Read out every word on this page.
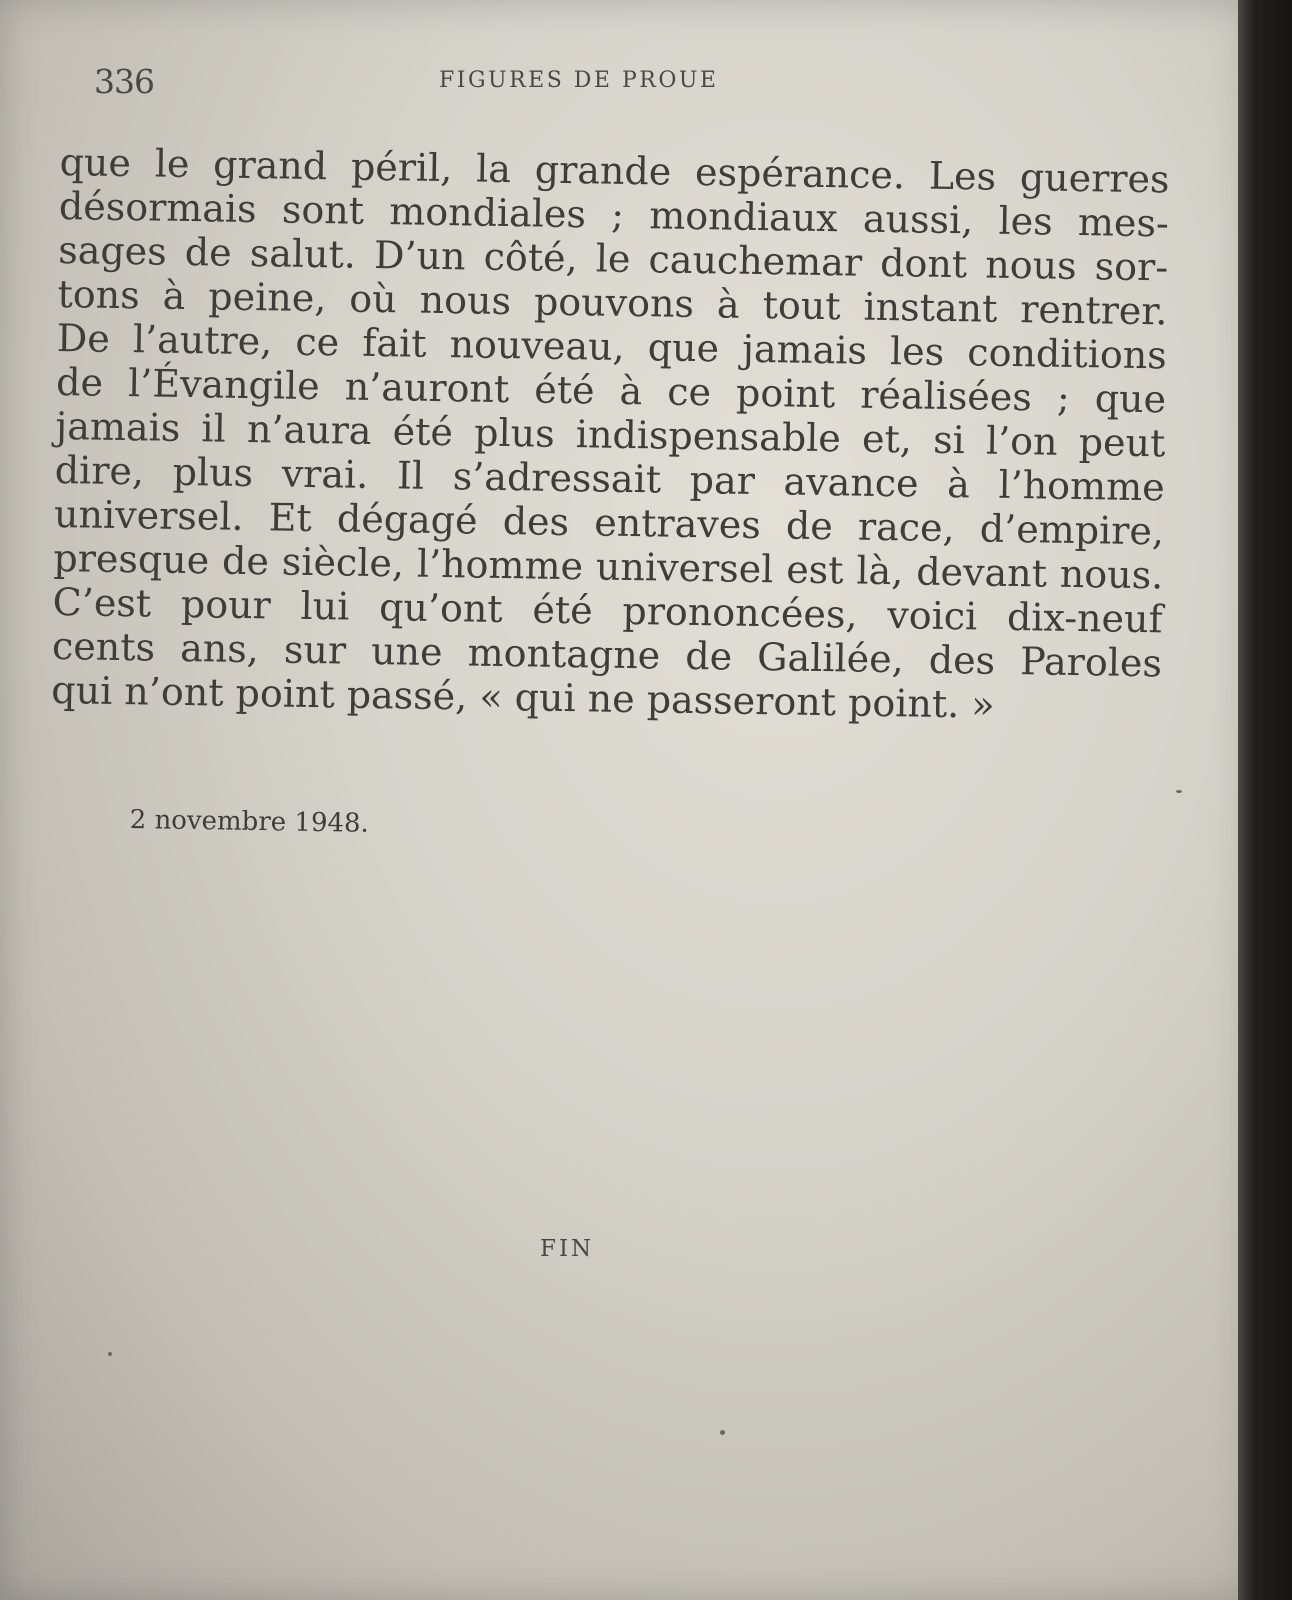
336	FIGURES DE PROUE
que le grand péril, la grande espérance. Les guerres
désormais sont mondiales ; mondiaux aussi, les mes-
sages de salut. D’un côté, le cauchemar dont nous sor-
tons à peine, où nous pouvons à tout instant rentrer.
De l’autre, ce fait nouveau, que jamais les conditions
de l’Évangile n’auront été à ce point réalisées ; que
jamais il n’aura été plus indispensable et, si l’on peut
dire, plus vrai. Il s’adressait par avance à l’homme
universel. Et dégagé des entraves de race, d’empire,
presque de siècle, l’homme universel est là, devant nous.
C’est pour lui qu’ont été prononcées, voici dix-neuf
cents ans, sur une montagne de Galilée, des Paroles
qui n’ont point passé, « qui ne passeront point. »
2 novembre 1948.
FIN
